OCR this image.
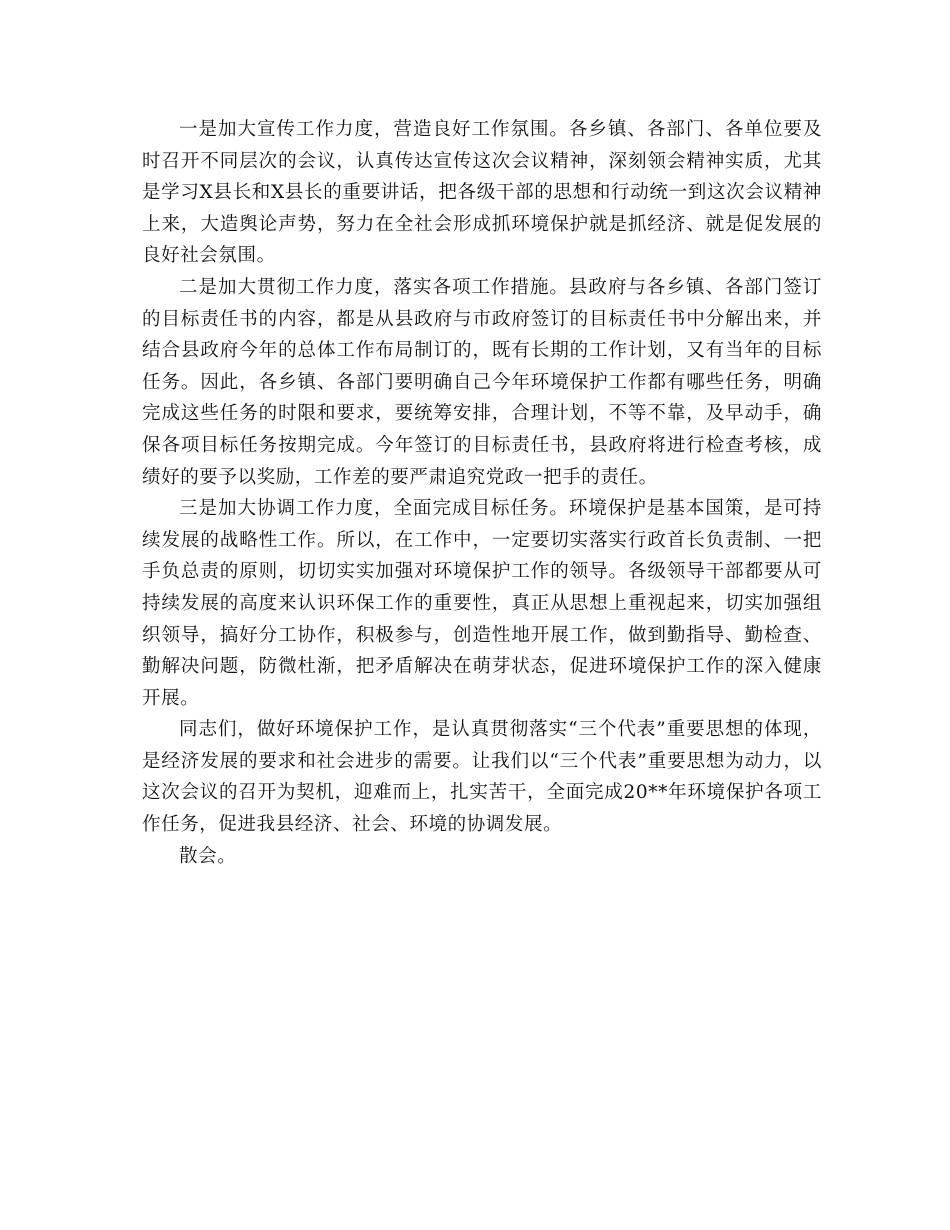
一是加大宣传工作力度，营造良好工作氛围。各乡镇、各部门、各单位要及时召开不同层次的会议，认真传达宣传这次会议精神，深刻领会精神实质，尤其是学习X县长和X县长的重要讲话，把各级干部的思想和行动统一到这次会议精神上来，大造舆论声势，努力在全社会形成抓环境保护就是抓经济、就是促发展的良好社会氛围。

二是加大贯彻工作力度，落实各项工作措施。县政府与各乡镇、各部门签订的目标责任书的内容，都是从县政府与市政府签订的目标责任书中分解出来，并结合县政府今年的总体工作布局制订的，既有长期的工作计划，又有当年的目标任务。因此，各乡镇、各部门要明确自己今年环境保护工作都有哪些任务，明确完成这些任务的时限和要求，要统筹安排，合理计划，不等不靠，及早动手，确保各项目标任务按期完成。今年签订的目标责任书，县政府将进行检查考核，成绩好的要予以奖励，工作差的要严肃追究党政一把手的责任。

三是加大协调工作力度，全面完成目标任务。环境保护是基本国策，是可持续发展的战略性工作。所以，在工作中，一定要切实落实行政首长负责制、一把手负总责的原则，切切实实加强对环境保护工作的领导。各级领导干部都要从可持续发展的高度来认识环保工作的重要性，真正从思想上重视起来，切实加强组织领导，搞好分工协作，积极参与，创造性地开展工作，做到勤指导、勤检查、勤解决问题，防微杜渐，把矛盾解决在萌芽状态，促进环境保护工作的深入健康开展。

同志们，做好环境保护工作，是认真贯彻落实“三个代表”重要思想的体现，是经济发展的要求和社会进步的需要。让我们以“三个代表”重要思想为动力，以这次会议的召开为契机，迎难而上，扎实苦干，全面完成20**年环境保护各项工作任务，促进我县经济、社会、环境的协调发展。

散会。
